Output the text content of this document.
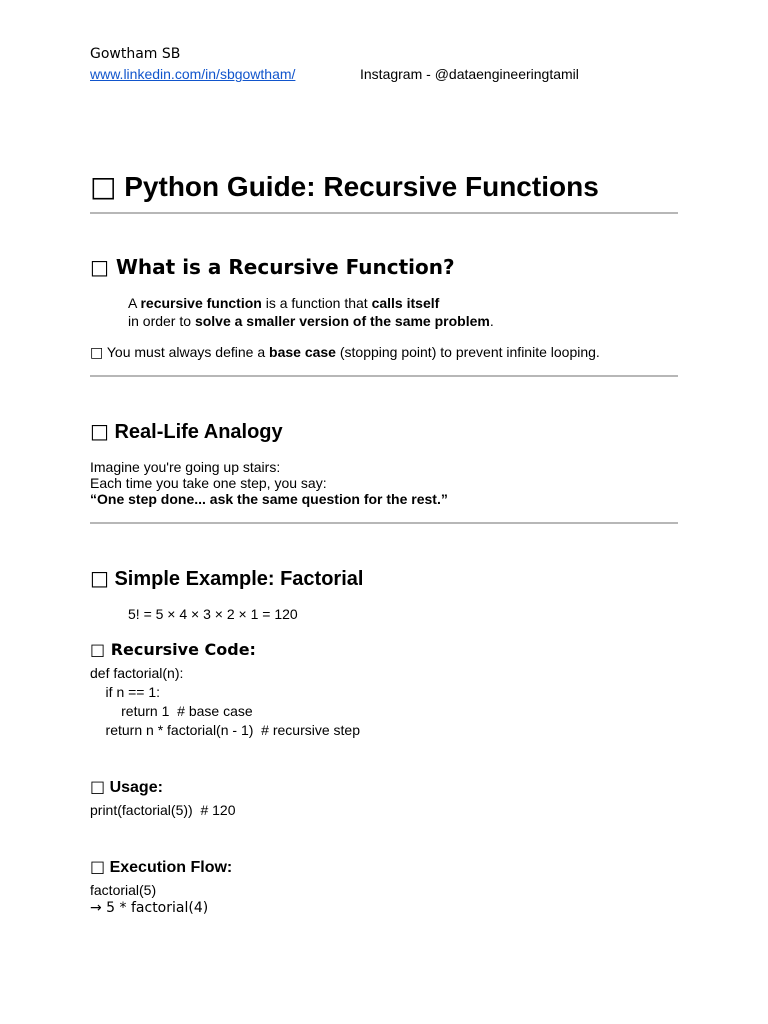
Gowtham SB
www.linkedin.com/in/sbgowtham/	Instagram - @dataengineeringtamil
□ Python Guide: Recursive Functions
□ What is a Recursive Function?
A recursive function is a function that calls itself
in order to solve a smaller version of the same problem.
□ You must always define a base case (stopping point) to prevent infinite looping.
□ Real-Life Analogy
Imagine you're going up stairs:
Each time you take one step, you say:
“One step done... ask the same question for the rest.”
□ Simple Example: Factorial
5! = 5 × 4 × 3 × 2 × 1 = 120
□ Recursive Code:
def factorial(n):
if n == 1:
return 1  # base case
return n * factorial(n - 1)  # recursive step
□ Usage:
print(factorial(5))  # 120
□ Execution Flow:
factorial(5)
→ 5 * factorial(4)
